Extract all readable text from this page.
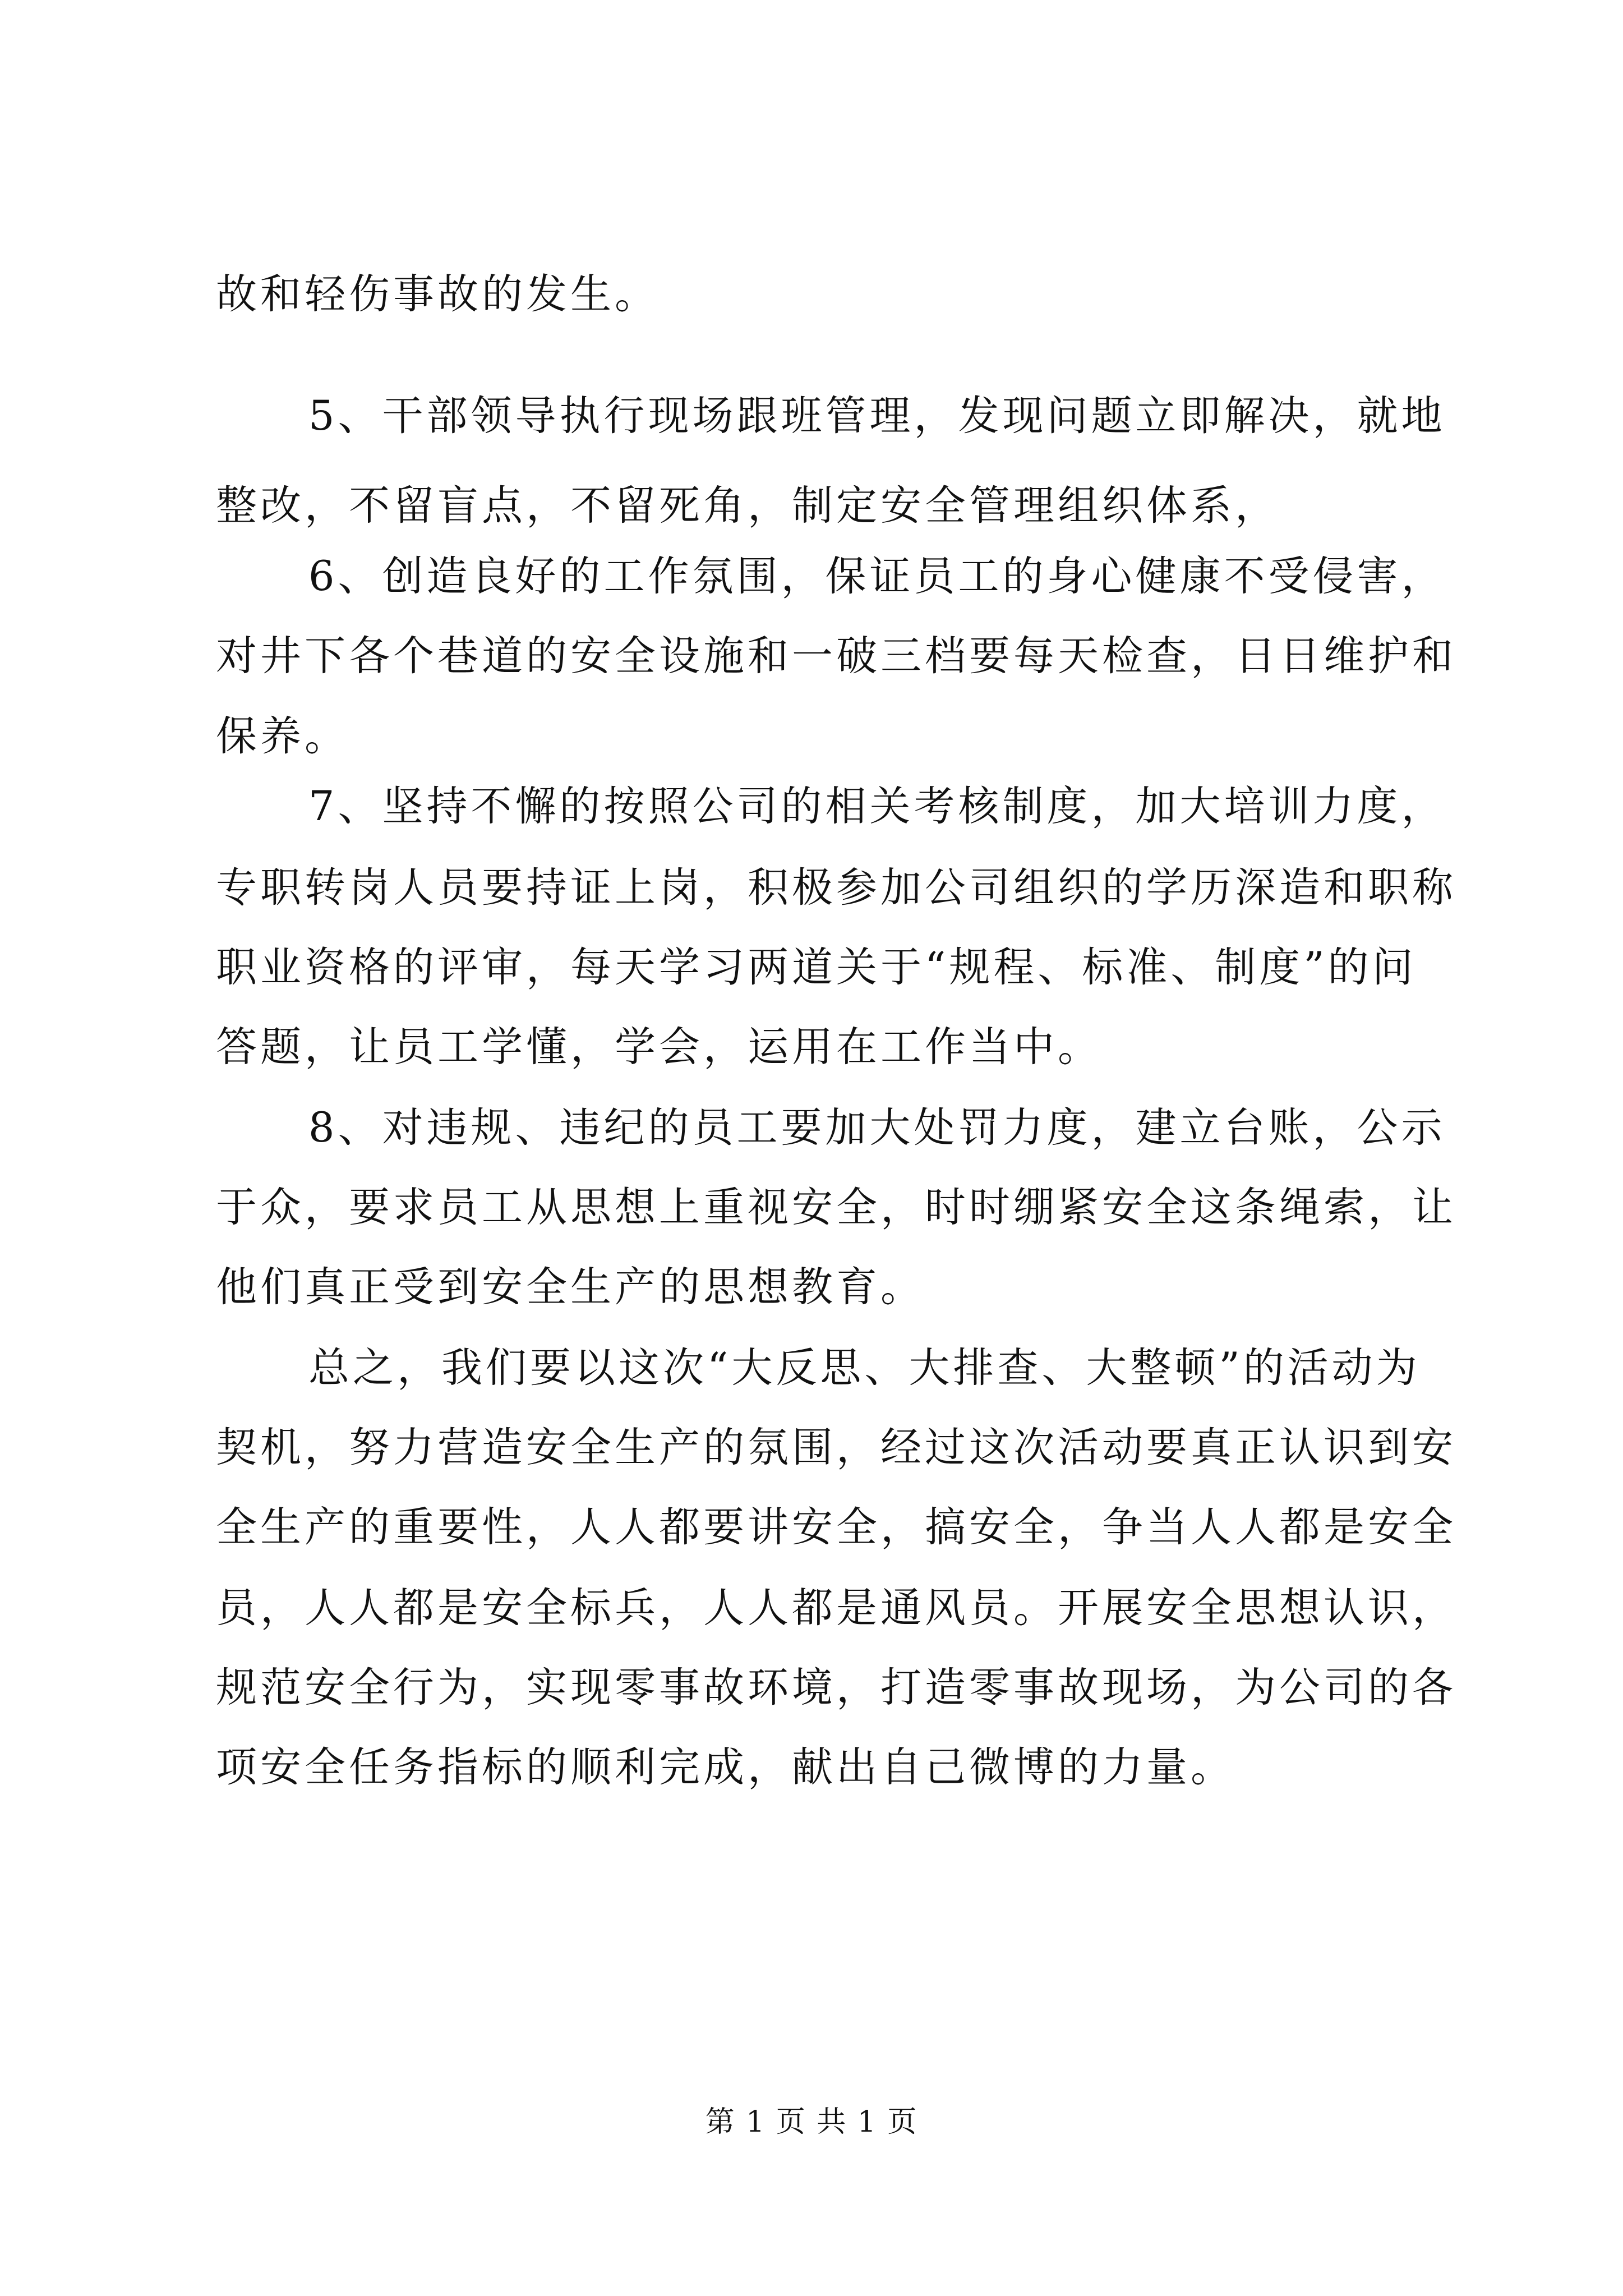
故和轻伤事故的发生。
5、干部领导执行现场跟班管理，发现问题立即解决，就地
整改，不留盲点，不留死角，制定安全管理组织体系，
6、创造良好的工作氛围，保证员工的身心健康不受侵害，
对井下各个巷道的安全设施和一破三档要每天检查，日日维护和
保养。
7、坚持不懈的按照公司的相关考核制度，加大培训力度，
专职转岗人员要持证上岗，积极参加公司组织的学历深造和职称
职业资格的评审，每天学习两道关于“规程、标准、制度”的问
答题，让员工学懂，学会，运用在工作当中。
8、对违规、违纪的员工要加大处罚力度，建立台账，公示
于众，要求员工从思想上重视安全，时时绷紧安全这条绳索，让
他们真正受到安全生产的思想教育。
总之，我们要以这次“大反思、大排查、大整顿”的活动为
契机，努力营造安全生产的氛围，经过这次活动要真正认识到安
全生产的重要性，人人都要讲安全，搞安全，争当人人都是安全
员，人人都是安全标兵，人人都是通风员。开展安全思想认识，
规范安全行为，实现零事故环境，打造零事故现场，为公司的各
项安全任务指标的顺利完成，献出自己微博的力量。
第 1 页 共 1 页
